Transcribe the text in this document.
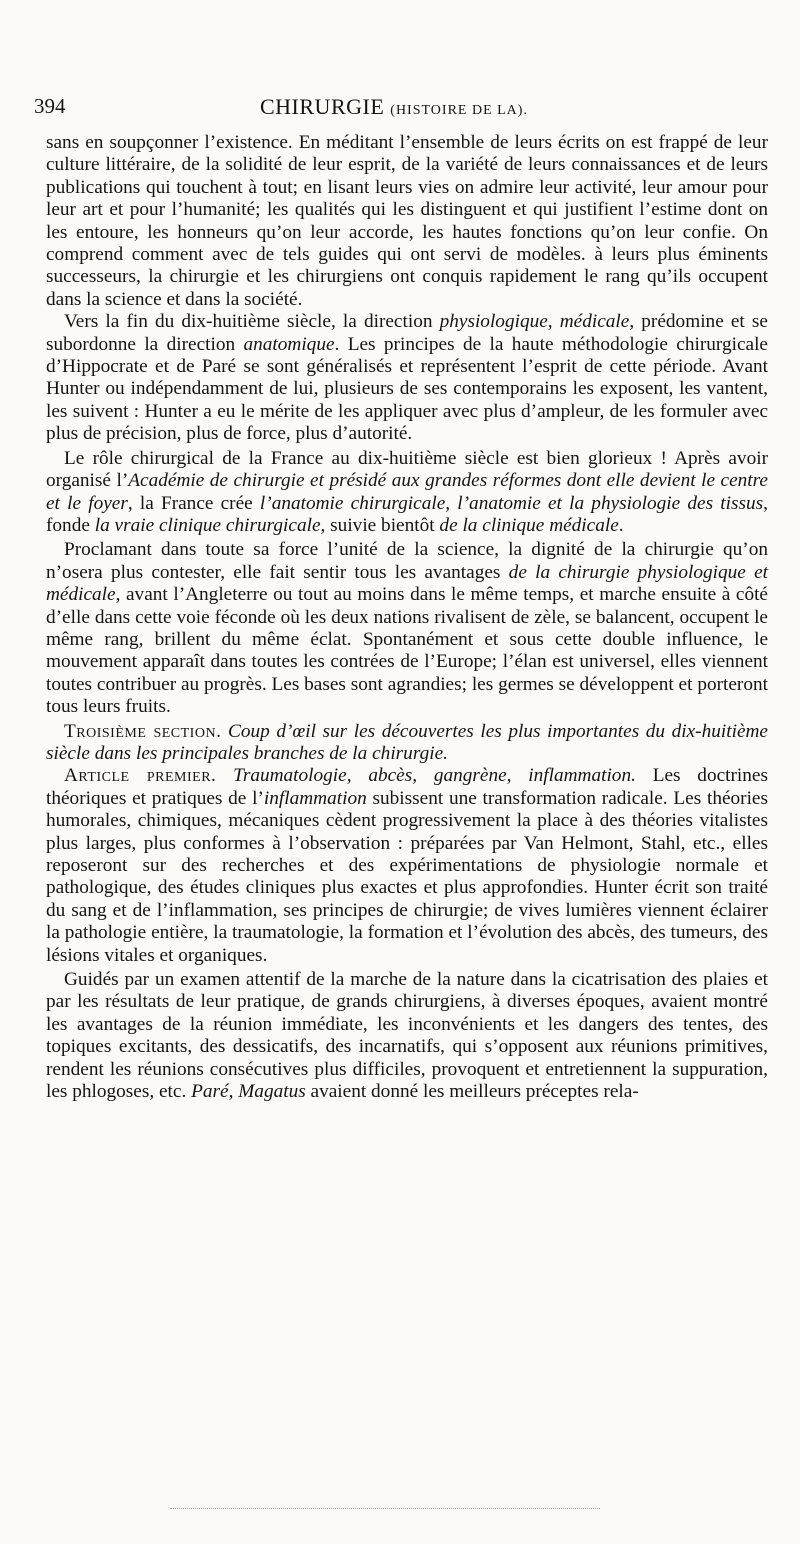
394	CHIRURGIE (HISTOIRE DE LA).

sans en soupçonner l’existence. En méditant l’ensemble de leurs écrits on est frappé de leur culture littéraire, de la solidité de leur esprit, de la variété de leurs connaissances et de leurs publications qui touchent à tout; en lisant leurs vies on admire leur activité, leur amour pour leur art et pour l’humanité; les qualités qui les distinguent et qui justifient l’estime dont on les entoure, les honneurs qu’on leur accorde, les hautes fonctions qu’on leur confie. On comprend comment avec de tels guides qui ont servi de modèles. à leurs plus éminents successeurs, la chirurgie et les chirurgiens ont conquis rapidement le rang qu’ils occupent dans la science et dans la société.

Vers la fin du dix-huitième siècle, la direction physiologique, médicale, prédomine et se subordonne la direction anatomique. Les principes de la haute méthodologie chirurgicale d’Hippocrate et de Paré se sont généralisés et représentent l’esprit de cette période. Avant Hunter ou indépendamment de lui, plusieurs de ses contemporains les exposent, les vantent, les suivent : Hunter a eu le mérite de les appliquer avec plus d’ampleur, de les formuler avec plus de précision, plus de force, plus d’autorité.

Le rôle chirurgical de la France au dix-huitième siècle est bien glorieux ! Après avoir organisé l’Académie de chirurgie et présidé aux grandes réformes dont elle devient le centre et le foyer, la France crée l’anatomie chirurgicale, l’anatomie et la physiologie des tissus, fonde la vraie clinique chirurgicale, suivie bientôt de la clinique médicale.

Proclamant dans toute sa force l’unité de la science, la dignité de la chirurgie qu’on n’osera plus contester, elle fait sentir tous les avantages de la chirurgie physiologique et médicale, avant l’Angleterre ou tout au moins dans le même temps, et marche ensuite à côté d’elle dans cette voie féconde où les deux nations rivalisent de zèle, se balancent, occupent le même rang, brillent du même éclat. Spontanément et sous cette double influence, le mouvement apparaît dans toutes les contrées de l’Europe; l’élan est universel, elles viennent toutes contribuer au progrès. Les bases sont agrandies; les germes se développent et porteront tous leurs fruits.

Troisième section. Coup d’œil sur les découvertes les plus importantes du dix-huitième siècle dans les principales branches de la chirurgie.

Article premier. Traumatologie, abcès, gangrène, inflammation. Les doctrines théoriques et pratiques de l’inflammation subissent une transformation radicale. Les théories humorales, chimiques, mécaniques cèdent progressivement la place à des théories vitalistes plus larges, plus conformes à l’observation : préparées par Van Helmont, Stahl, etc., elles reposeront sur des recherches et des expérimentations de physiologie normale et pathologique, des études cliniques plus exactes et plus approfondies. Hunter écrit son traité du sang et de l’inflammation, ses principes de chirurgie; de vives lumières viennent éclairer la pathologie entière, la traumatologie, la formation et l’évolution des abcès, des tumeurs, des lésions vitales et organiques.

Guidés par un examen attentif de la marche de la nature dans la cicatrisation des plaies et par les résultats de leur pratique, de grands chirurgiens, à diverses époques, avaient montré les avantages de la réunion immédiate, les inconvénients et les dangers des tentes, des topiques excitants, des dessicatifs, des incarnatifs, qui s’opposent aux réunions primitives, rendent les réunions consécutives plus difficiles, provoquent et entretiennent la suppuration, les phlogoses, etc. Paré, Magatus avaient donné les meilleurs préceptes rela-
